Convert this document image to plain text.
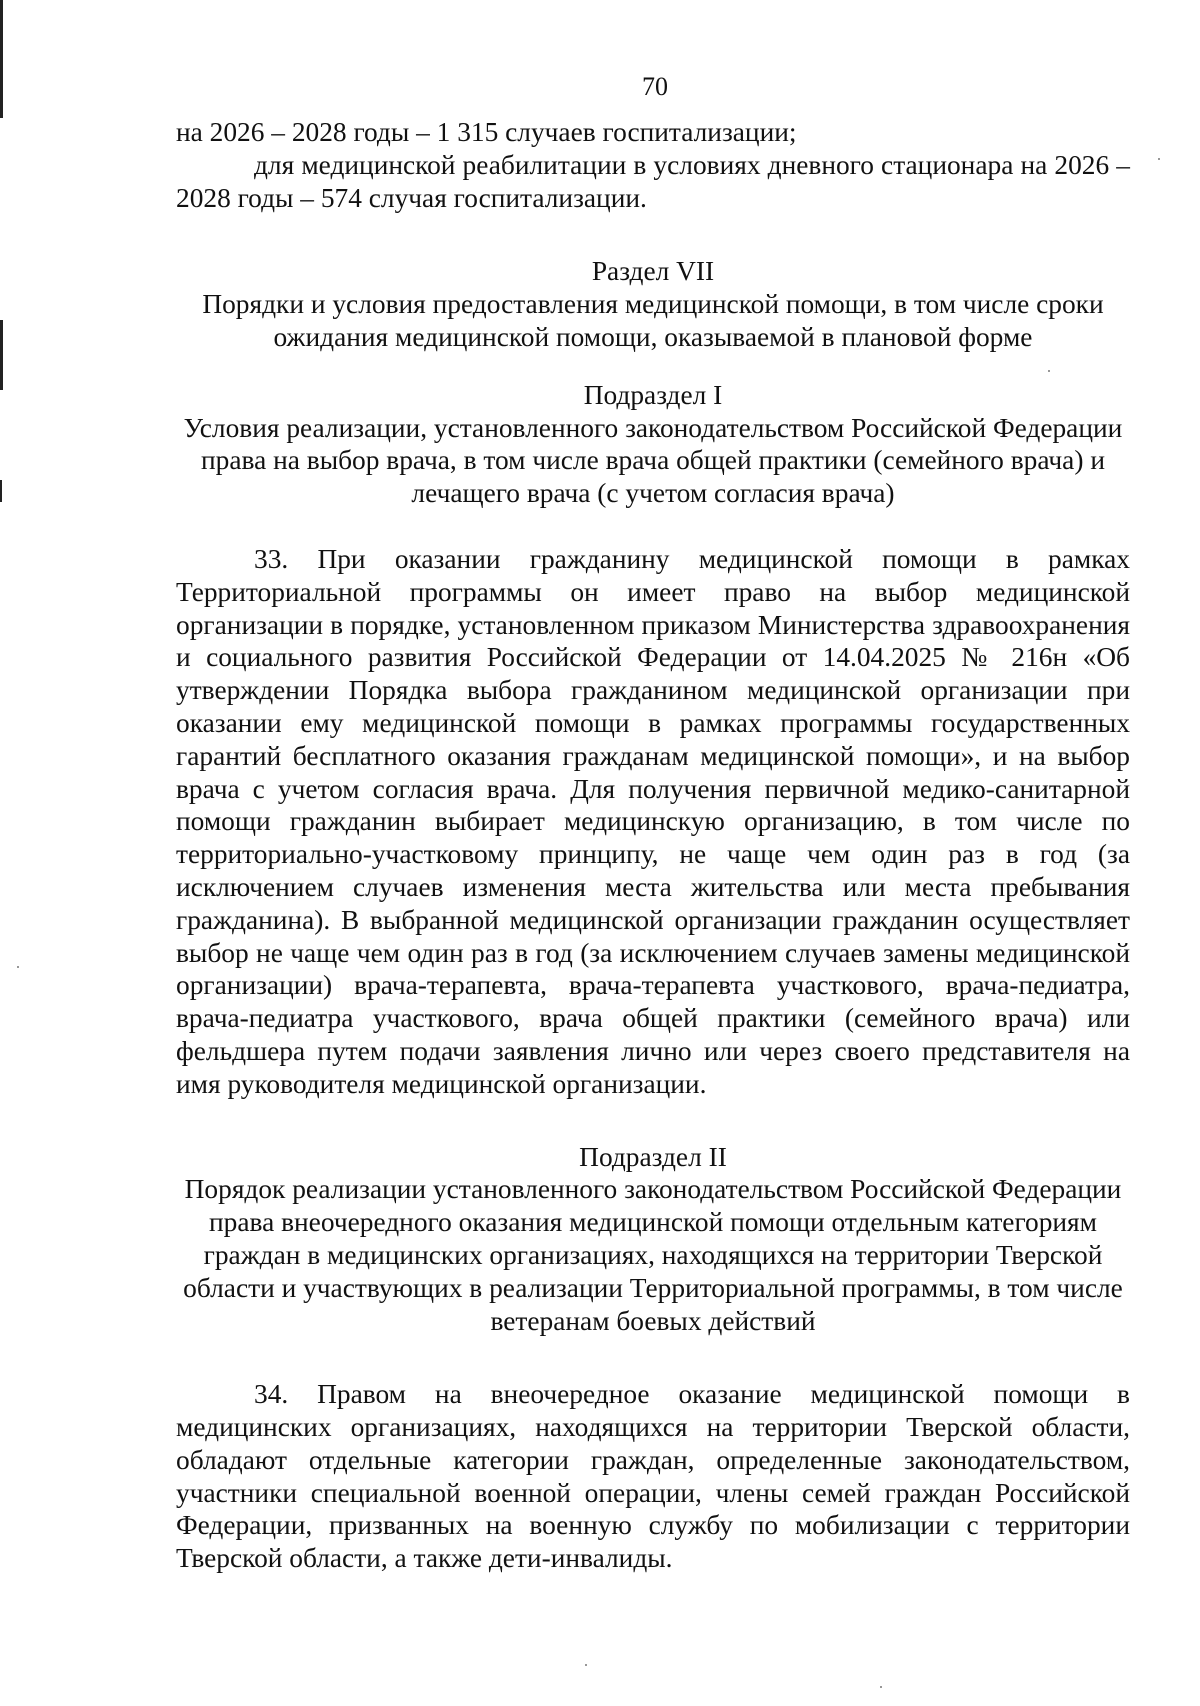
70

на 2026 – 2028 годы – 1 315 случаев госпитализации;

для медицинской реабилитации в условиях дневного стационара на 2026 – 2028 годы – 574 случая госпитализации.

Раздел VII

Порядки и условия предоставления медицинской помощи, в том числе сроки ожидания медицинской помощи, оказываемой в плановой форме

Подраздел I

Условия реализации, установленного законодательством Российской Федерации права на выбор врача, в том числе врача общей практики (семейного врача) и лечащего врача (с учетом согласия врача)

33. При оказании гражданину медицинской помощи в рамках Территориальной программы он имеет право на выбор медицинской организации в порядке, установленном приказом Министерства здравоохранения и социального развития Российской Федерации от 14.04.2025 № 216н «Об утверждении Порядка выбора гражданином медицинской организации при оказании ему медицинской помощи в рамках программы государственных гарантий бесплатного оказания гражданам медицинской помощи», и на выбор врача с учетом согласия врача. Для получения первичной медико-санитарной помощи гражданин выбирает медицинскую организацию, в том числе по территориально-участковому принципу, не чаще чем один раз в год (за исключением случаев изменения места жительства или места пребывания гражданина). В выбранной медицинской организации гражданин осуществляет выбор не чаще чем один раз в год (за исключением случаев замены медицинской организации) врача-терапевта, врача-терапевта участкового, врача-педиатра, врача-педиатра участкового, врача общей практики (семейного врача) или фельдшера путем подачи заявления лично или через своего представителя на имя руководителя медицинской организации.

Подраздел II

Порядок реализации установленного законодательством Российской Федерации права внеочередного оказания медицинской помощи отдельным категориям граждан в медицинских организациях, находящихся на территории Тверской области и участвующих в реализации Территориальной программы, в том числе ветеранам боевых действий

34. Правом на внеочередное оказание медицинской помощи в медицинских организациях, находящихся на территории Тверской области, обладают отдельные категории граждан, определенные законодательством, участники специальной военной операции, члены семей граждан Российской Федерации, призванных на военную службу по мобилизации с территории Тверской области, а также дети-инвалиды.
